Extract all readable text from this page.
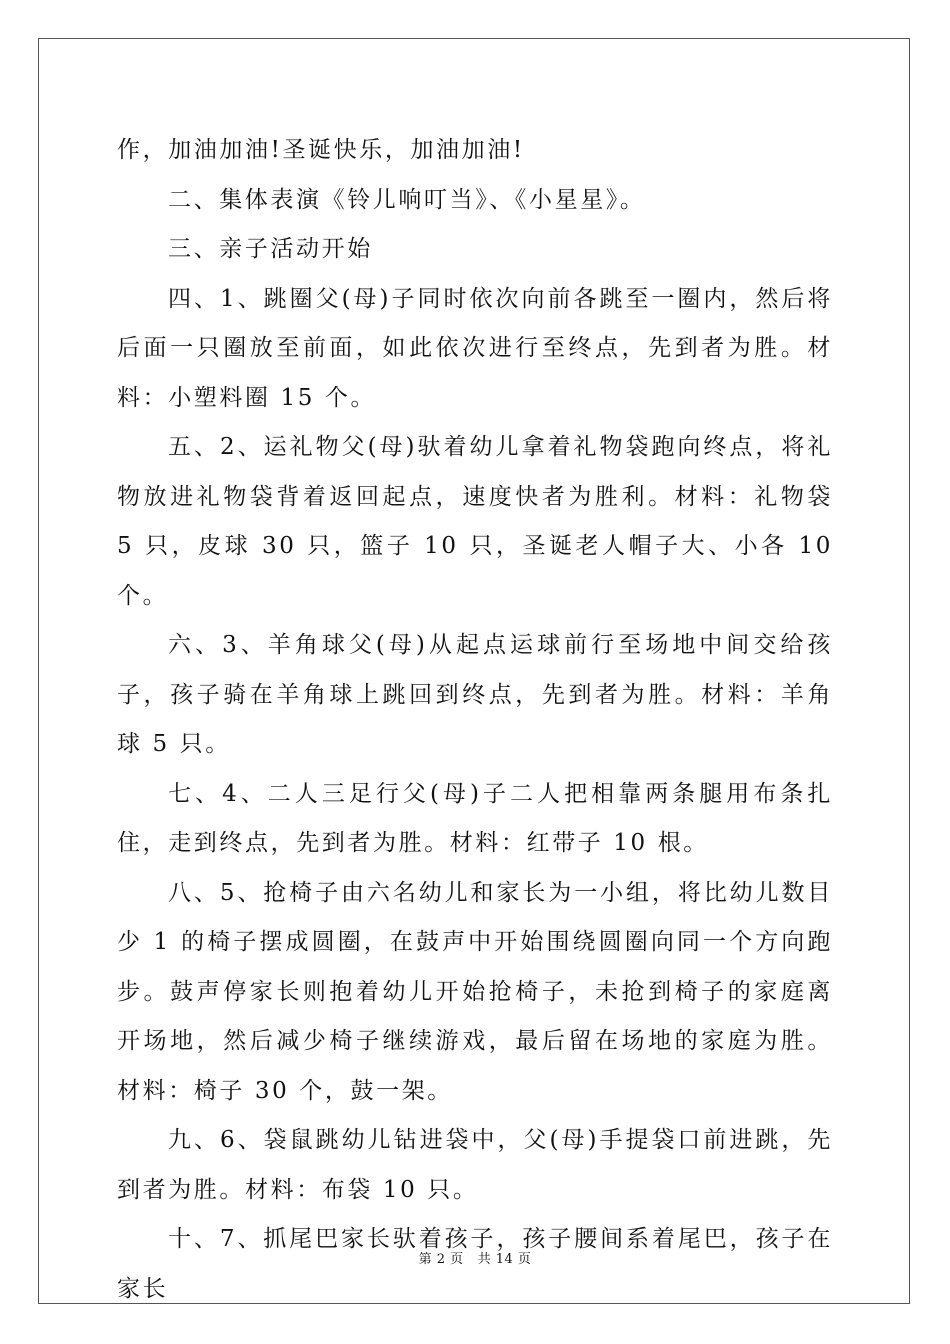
作，加油加油!圣诞快乐，加油加油!

二、集体表演《铃儿响叮当》、《小星星》。

三、亲子活动开始

四、1、跳圈父(母)子同时依次向前各跳至一圈内，然后将后面一只圈放至前面，如此依次进行至终点，先到者为胜。材料：小塑料圈 15 个。

五、2、运礼物父(母)驮着幼儿拿着礼物袋跑向终点，将礼物放进礼物袋背着返回起点，速度快者为胜利。材料：礼物袋 5 只，皮球 30 只，篮子 10 只，圣诞老人帽子大、小各 10 个。

六、3、羊角球父(母)从起点运球前行至场地中间交给孩子，孩子骑在羊角球上跳回到终点，先到者为胜。材料：羊角球 5 只。

七、4、二人三足行父(母)子二人把相靠两条腿用布条扎住，走到终点，先到者为胜。材料：红带子 10 根。

八、5、抢椅子由六名幼儿和家长为一小组，将比幼儿数目少 1 的椅子摆成圆圈，在鼓声中开始围绕圆圈向同一个方向跑步。鼓声停家长则抱着幼儿开始抢椅子，未抢到椅子的家庭离开场地，然后减少椅子继续游戏，最后留在场地的家庭为胜。材料：椅子 30 个，鼓一架。

九、6、袋鼠跳幼儿钻进袋中，父(母)手提袋口前进跳，先到者为胜。材料：布袋 10 只。

十、7、抓尾巴家长驮着孩子，孩子腰间系着尾巴，孩子在家长

第 2 页 共 14 页
